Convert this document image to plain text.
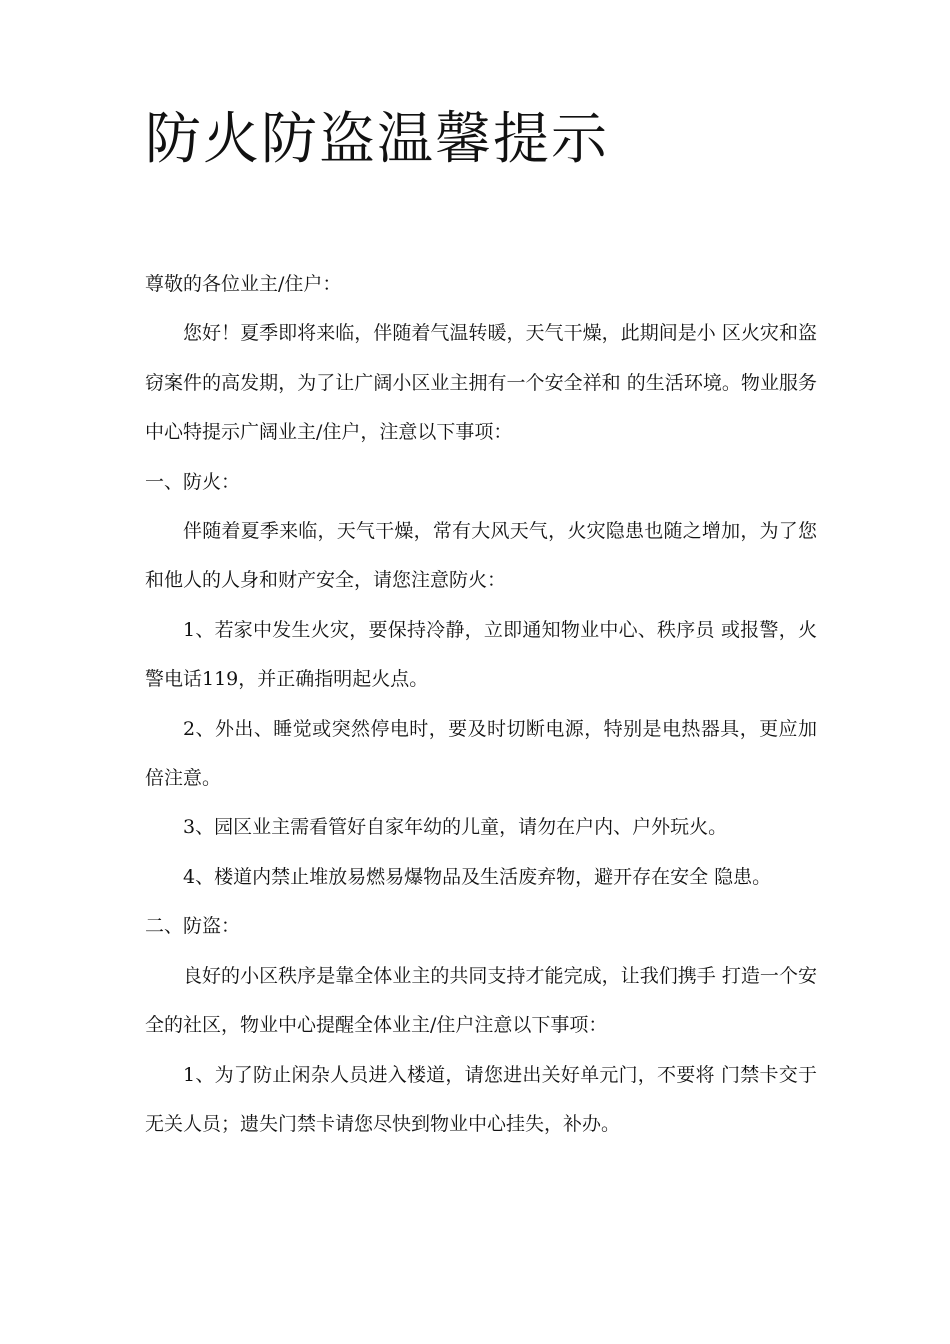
防火防盗温馨提示

尊敬的各位业主/住户：

您好！夏季即将来临，伴随着气温转暖，天气干燥，此期间是小 区火灾和盗窃案件的高发期，为了让广阔小区业主拥有一个安全祥和 的生活环境。物业服务中心特提示广阔业主/住户，注意以下事项：

一、防火：

伴随着夏季来临，天气干燥，常有大风天气，火灾隐患也随之增加，为了您和他人的人身和财产安全，请您注意防火：

1、若家中发生火灾，要保持冷静，立即通知物业中心、秩序员 或报警，火警电话119，并正确指明起火点。

2、外出、睡觉或突然停电时，要及时切断电源，特别是电热器具，更应加倍注意。

3、园区业主需看管好自家年幼的儿童，请勿在户内、户外玩火。

4、楼道内禁止堆放易燃易爆物品及生活废弃物，避开存在安全 隐患。

二、防盗：

良好的小区秩序是靠全体业主的共同支持才能完成，让我们携手 打造一个安全的社区，物业中心提醒全体业主/住户注意以下事项：

1、为了防止闲杂人员进入楼道，请您进出关好单元门，不要将 门禁卡交于无关人员；遗失门禁卡请您尽快到物业中心挂失，补办。
